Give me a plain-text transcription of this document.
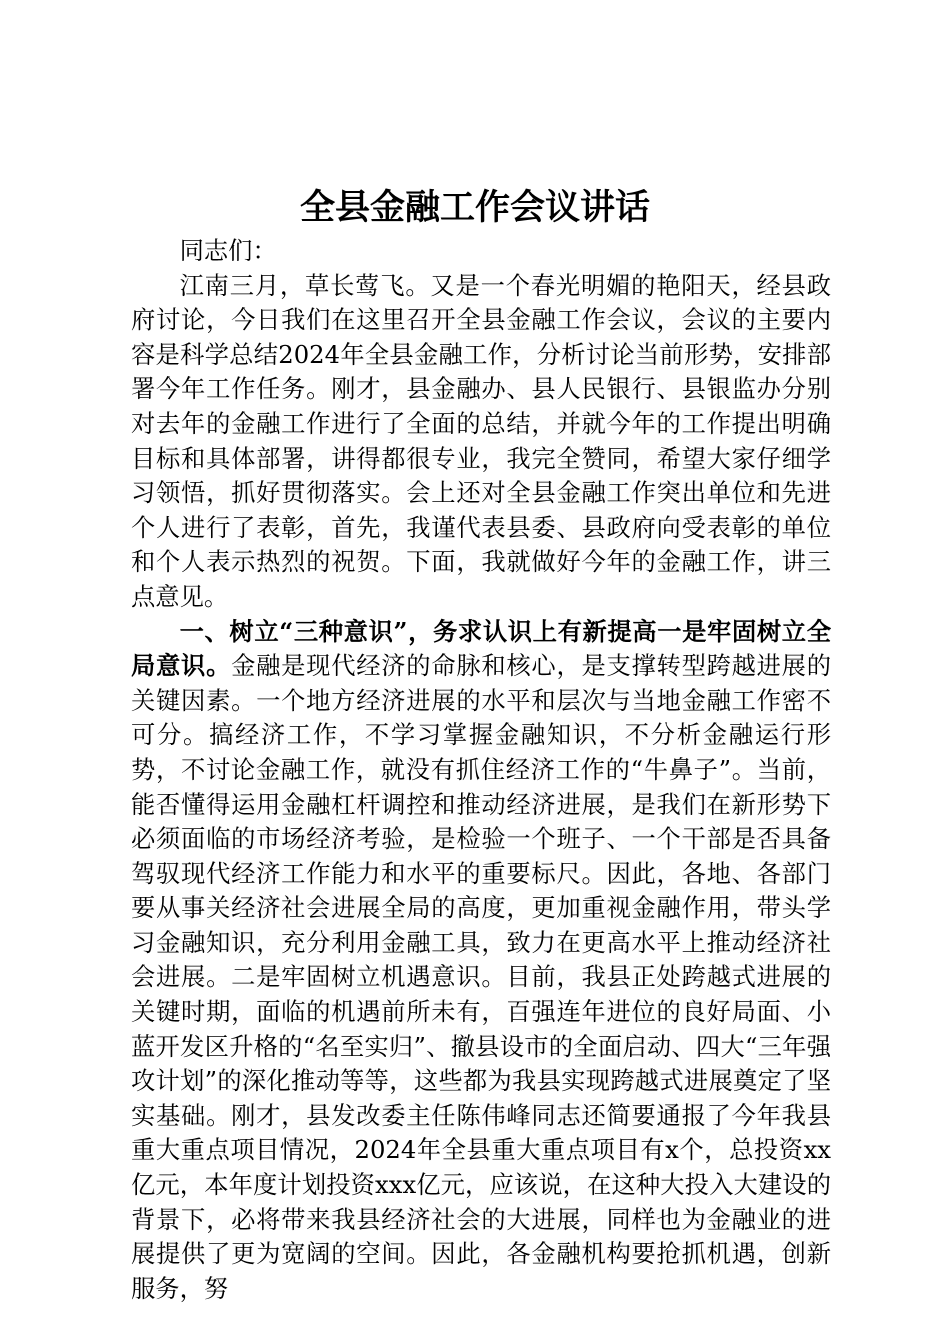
全县金融工作会议讲话

同志们：

江南三月，草长莺飞。又是一个春光明媚的艳阳天，经县政府讨论，今日我们在这里召开全县金融工作会议，会议的主要内容是科学总结2024年全县金融工作，分析讨论当前形势，安排部署今年工作任务。刚才，县金融办、县人民银行、县银监办分别对去年的金融工作进行了全面的总结，并就今年的工作提出明确目标和具体部署，讲得都很专业，我完全赞同，希望大家仔细学习领悟，抓好贯彻落实。会上还对全县金融工作突出单位和先进个人进行了表彰，首先，我谨代表县委、县政府向受表彰的单位和个人表示热烈的祝贺。下面，我就做好今年的金融工作，讲三点意见。

一、树立“三种意识”，务求认识上有新提高一是牢固树立全局意识。金融是现代经济的命脉和核心，是支撑转型跨越进展的关键因素。一个地方经济进展的水平和层次与当地金融工作密不可分。搞经济工作，不学习掌握金融知识，不分析金融运行形势，不讨论金融工作，就没有抓住经济工作的“牛鼻子”。当前，能否懂得运用金融杠杆调控和推动经济进展，是我们在新形势下必须面临的市场经济考验，是检验一个班子、一个干部是否具备驾驭现代经济工作能力和水平的重要标尺。因此，各地、各部门要从事关经济社会进展全局的高度，更加重视金融作用，带头学习金融知识，充分利用金融工具，致力在更高水平上推动经济社会进展。二是牢固树立机遇意识。目前，我县正处跨越式进展的关键时期，面临的机遇前所未有，百强连年进位的良好局面、小蓝开发区升格的“名至实归”、撤县设市的全面启动、四大“三年强攻计划”的深化推动等等，这些都为我县实现跨越式进展奠定了坚实基础。刚才，县发改委主任陈伟峰同志还简要通报了今年我县重大重点项目情况，2024年全县重大重点项目有x个，总投资xx亿元，本年度计划投资xxx亿元，应该说，在这种大投入大建设的背景下，必将带来我县经济社会的大进展，同样也为金融业的进展提供了更为宽阔的空间。因此，各金融机构要抢抓机遇，创新服务，努
